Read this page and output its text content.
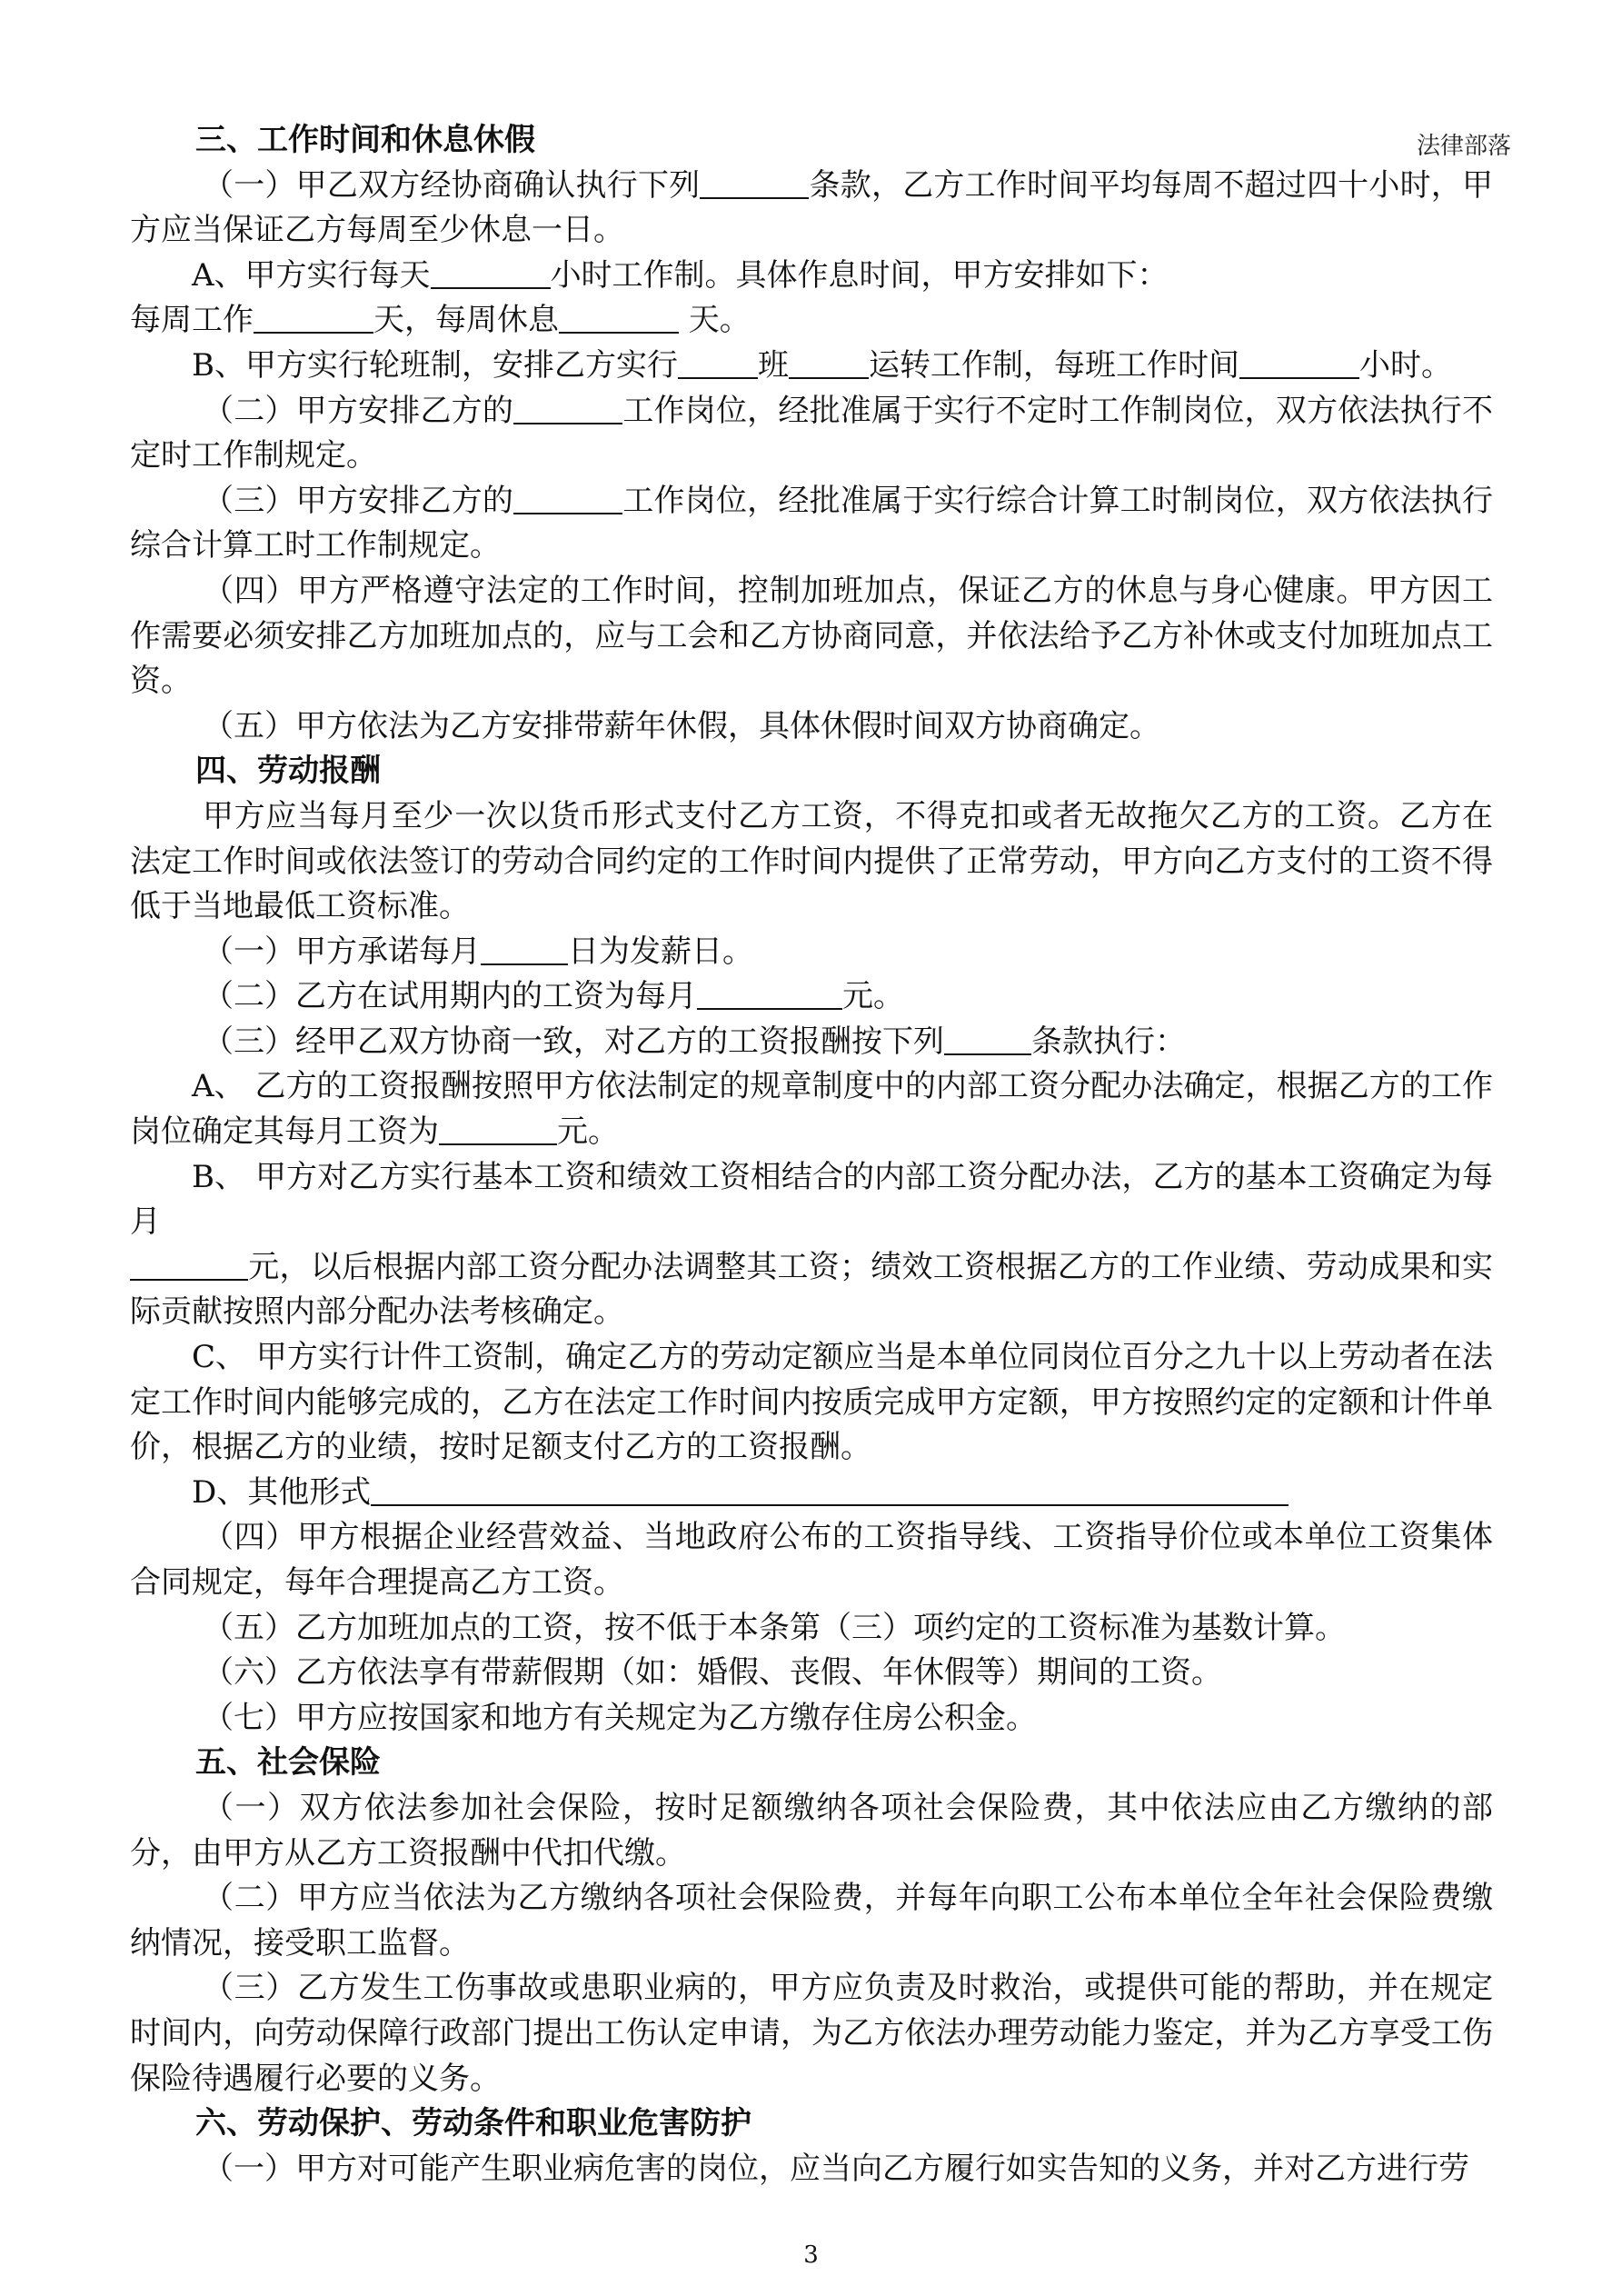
法律部落
三、工作时间和休息休假

（一）甲乙双方经协商确认执行下列	条款，乙方工作时间平均每周不超过四十小时，甲方应当保证乙方每周至少休息一日。

A、甲方实行每天	小时工作制。具体作息时间，甲方安排如下：

每周工作	天，每周休息	天。

B、甲方实行轮班制，安排乙方实行	班	运转工作制，每班工作时间	小时。

（二）甲方安排乙方的	工作岗位，经批准属于实行不定时工作制岗位，双方依法执行不定时工作制规定。

（三）甲方安排乙方的	工作岗位，经批准属于实行综合计算工时制岗位，双方依法执行综合计算工时工作制规定。

（四）甲方严格遵守法定的工作时间，控制加班加点，保证乙方的休息与身心健康。甲方因工作需要必须安排乙方加班加点的，应与工会和乙方协商同意，并依法给予乙方补休或支付加班加点工资。

（五）甲方依法为乙方安排带薪年休假，具体休假时间双方协商确定。

四、劳动报酬

甲方应当每月至少一次以货币形式支付乙方工资，不得克扣或者无故拖欠乙方的工资。乙方在法定工作时间或依法签订的劳动合同约定的工作时间内提供了正常劳动，甲方向乙方支付的工资不得低于当地最低工资标准。

（一）甲方承诺每月	日为发薪日。

（二）乙方在试用期内的工资为每月	元。

（三）经甲乙双方协商一致，对乙方的工资报酬按下列	条款执行：

A、 乙方的工资报酬按照甲方依法制定的规章制度中的内部工资分配办法确定，根据乙方的工作岗位确定其每月工资为	元。

B、 甲方对乙方实行基本工资和绩效工资相结合的内部工资分配办法，乙方的基本工资确定为每月
元，以后根据内部工资分配办法调整其工资；绩效工资根据乙方的工作业绩、劳动成果和实际贡献按照内部分配办法考核确定。

C、 甲方实行计件工资制，确定乙方的劳动定额应当是本单位同岗位百分之九十以上劳动者在法定工作时间内能够完成的，乙方在法定工作时间内按质完成甲方定额，甲方按照约定的定额和计件单价，根据乙方的业绩，按时足额支付乙方的工资报酬。

D、其他形式

（四）甲方根据企业经营效益、当地政府公布的工资指导线、工资指导价位或本单位工资集体合同规定，每年合理提高乙方工资。

（五）乙方加班加点的工资，按不低于本条第（三）项约定的工资标准为基数计算。

（六）乙方依法享有带薪假期（如：婚假、丧假、年休假等）期间的工资。

（七）甲方应按国家和地方有关规定为乙方缴存住房公积金。

五、社会保险

（一）双方依法参加社会保险，按时足额缴纳各项社会保险费，其中依法应由乙方缴纳的部分，由甲方从乙方工资报酬中代扣代缴。

（二）甲方应当依法为乙方缴纳各项社会保险费，并每年向职工公布本单位全年社会保险费缴纳情况，接受职工监督。

（三）乙方发生工伤事故或患职业病的，甲方应负责及时救治，或提供可能的帮助，并在规定时间内，向劳动保障行政部门提出工伤认定申请，为乙方依法办理劳动能力鉴定，并为乙方享受工伤保险待遇履行必要的义务。

六、劳动保护、劳动条件和职业危害防护

（一）甲方对可能产生职业病危害的岗位，应当向乙方履行如实告知的义务，并对乙方进行劳

3
